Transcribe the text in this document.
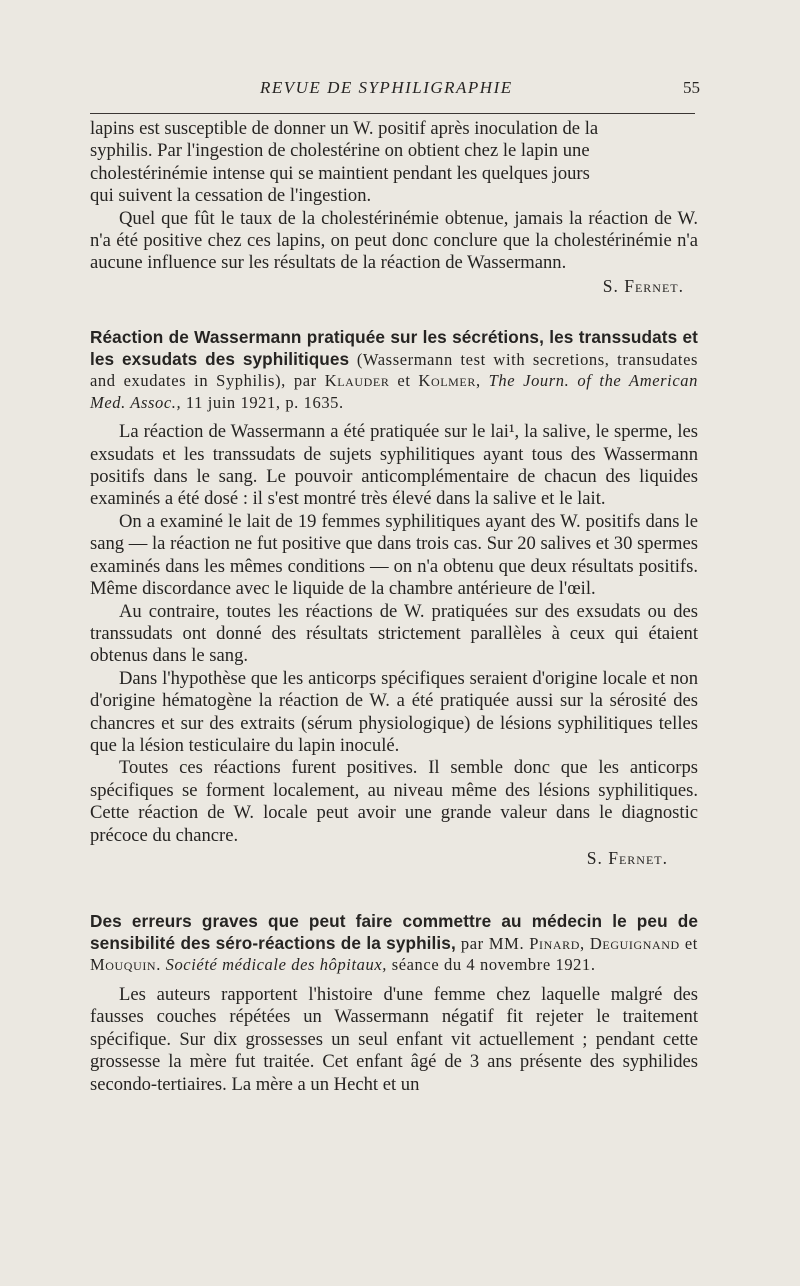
REVUE DE SYPHILIGRAPHIE	55

lapins est susceptible de donner un W. positif après inoculation de la

syphilis. Par l'ingestion de cholestérine on obtient chez le lapin une

cholestérinémie intense qui se maintient pendant les quelques jours

qui suivent la cessation de l'ingestion.

Quel que fût le taux de la cholestérinémie obtenue, jamais la réaction de W. n'a été positive chez ces lapins, on peut donc conclure que la cholestérinémie n'a aucune influence sur les résultats de la réaction de Wassermann.

S. Fernet.

Réaction de Wassermann pratiquée sur les sécrétions, les transsudats et les exsudats des syphilitiques (Wassermann test with secretions, transudates and exudates in Syphilis), par Klauder et Kolmer, The Journ. of the American Med. Assoc., 11 juin 1921, p. 1635.

La réaction de Wassermann a été pratiquée sur le lai¹, la salive, le sperme, les exsudats et les transsudats de sujets syphilitiques ayant tous des Wassermann positifs dans le sang. Le pouvoir anticomplémentaire de chacun des liquides examinés a été dosé : il s'est montré très élevé dans la salive et le lait.

On a examiné le lait de 19 femmes syphilitiques ayant des W. positifs dans le sang — la réaction ne fut positive que dans trois cas. Sur 20 salives et 30 spermes examinés dans les mêmes conditions — on n'a obtenu que deux résultats positifs. Même discordance avec le liquide de la chambre antérieure de l'œil.

Au contraire, toutes les réactions de W. pratiquées sur des exsudats ou des transsudats ont donné des résultats strictement parallèles à ceux qui étaient obtenus dans le sang.

Dans l'hypothèse que les anticorps spécifiques seraient d'origine locale et non d'origine hématogène la réaction de W. a été pratiquée aussi sur la sérosité des chancres et sur des extraits (sérum physiologique) de lésions syphilitiques telles que la lésion testiculaire du lapin inoculé.

Toutes ces réactions furent positives. Il semble donc que les anticorps spécifiques se forment localement, au niveau même des lésions syphilitiques. Cette réaction de W. locale peut avoir une grande valeur dans le diagnostic précoce du chancre.

S. Fernet.

Des erreurs graves que peut faire commettre au médecin le peu de sensibilité des séro-réactions de la syphilis, par MM. Pinard, Deguignand et Mouquin. Société médicale des hôpitaux, séance du 4 novembre 1921.

Les auteurs rapportent l'histoire d'une femme chez laquelle malgré des fausses couches répétées un Wassermann négatif fit rejeter le traitement spécifique. Sur dix grossesses un seul enfant vit actuellement ; pendant cette grossesse la mère fut traitée. Cet enfant âgé de 3 ans présente des syphilides secondo-tertiaires. La mère a un Hecht et un
